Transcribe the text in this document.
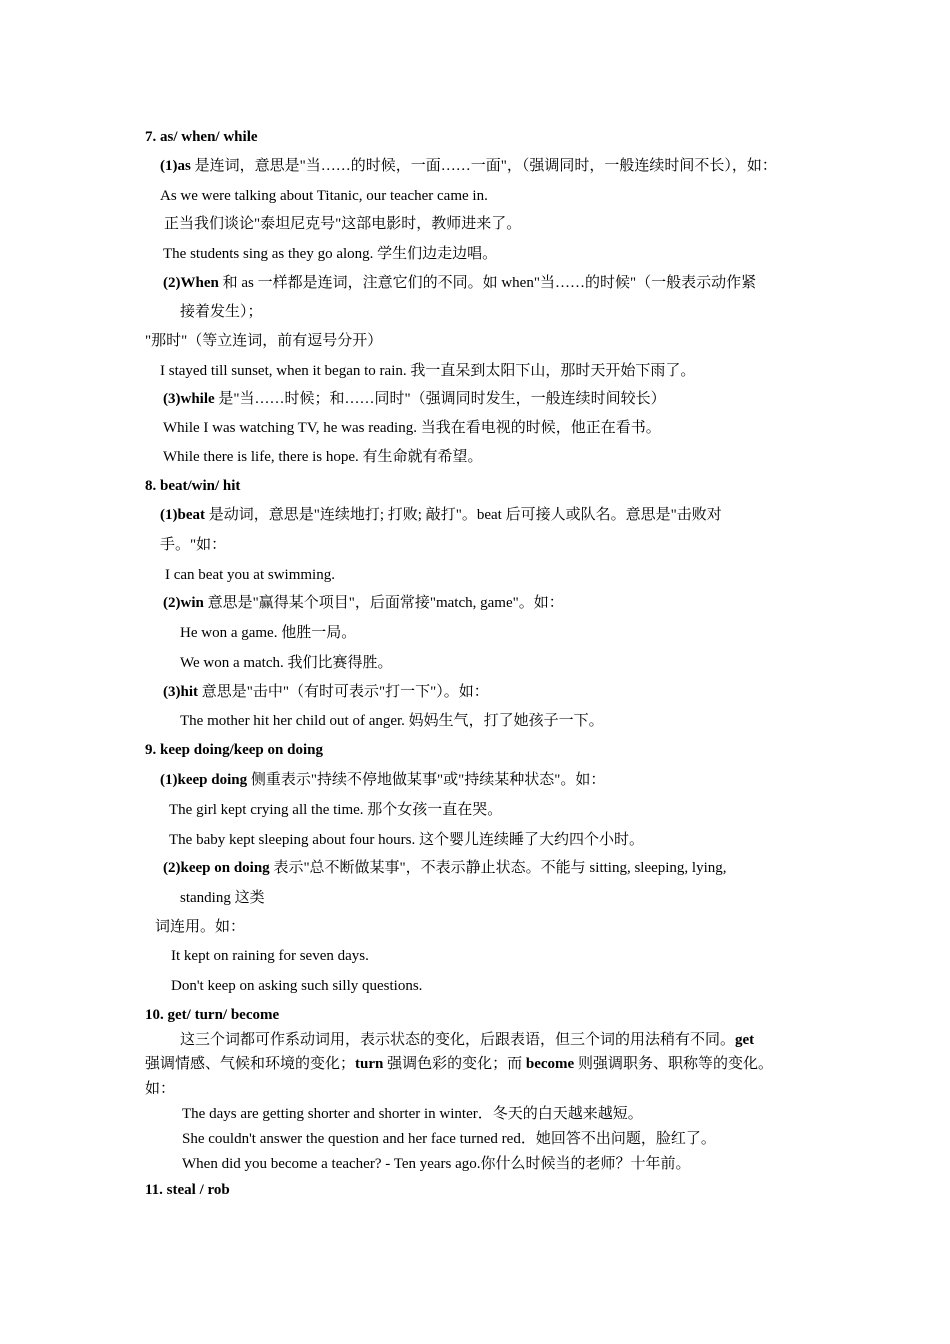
7. as/ when/ while
(1)as 是连词，意思是"当……的时候，一面……一面"，（强调同时，一般连续时间不长），如：
As we were talking about Titanic, our teacher came in.
正当我们谈论"泰坦尼克号"这部电影时，教师进来了。
The students sing as they go along. 学生们边走边唱。
(2)When 和 as 一样都是连词，注意它们的不同。如 when"当……的时候"（一般表示动作紧
接着发生）；
"那时"（等立连词，前有逗号分开）
I stayed till sunset, when it began to rain. 我一直呆到太阳下山，那时天开始下雨了。
(3)while 是"当……时候；和……同时"（强调同时发生，一般连续时间较长）
While I was watching TV, he was reading. 当我在看电视的时候，他正在看书。
While there is life, there is hope. 有生命就有希望。
8. beat/win/ hit
(1)beat 是动词，意思是"连续地打; 打败; 敲打"。beat 后可接人或队名。意思是"击败对
手。"如：
I can beat you at swimming.
(2)win 意思是"赢得某个项目"，后面常接"match, game"。如：
He won a game. 他胜一局。
We won a match. 我们比赛得胜。
(3)hit 意思是"击中"（有时可表示"打一下"）。如：
The mother hit her child out of anger. 妈妈生气，打了她孩子一下。
9. keep doing/keep on doing
(1)keep doing 侧重表示"持续不停地做某事"或"持续某种状态"。如：
The girl kept crying all the time. 那个女孩一直在哭。
The baby kept sleeping about four hours. 这个婴儿连续睡了大约四个小时。
(2)keep on doing 表示"总不断做某事"，不表示静止状态。不能与 sitting, sleeping, lying,
standing 这类
词连用。如：
It kept on raining for seven days.
Don't keep on asking such silly questions.
10. get/ turn/ become
这三个词都可作系动词用，表示状态的变化，后跟表语，但三个词的用法稍有不同。get
强调情感、气候和环境的变化；turn 强调色彩的变化；而 become 则强调职务、职称等的变化。
如：
The days are getting shorter and shorter in winter．冬天的白天越来越短。
She couldn't answer the question and her face turned red．她回答不出问题，脸红了。
When did you become a teacher? - Ten years ago.你什么时候当的老师？十年前。
11. steal / rob
